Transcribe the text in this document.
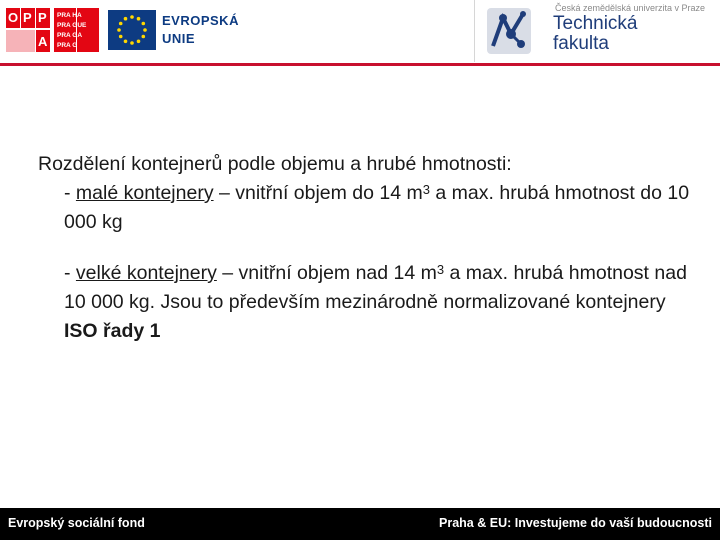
O P P
A
PRA HA
PRA GUE
PRA GA
PRA G
EVROPSKÁ
UNIE
Česká zemědělská univerzita v Praze
Technická
fakulta

Rozdělení kontejnerů podle objemu a hrubé hmotnosti:

- malé kontejnery – vnitřní objem do 14 $m^3$ a max. hrubá hmotnost do 10 000 kg

- velké kontejnery – vnitřní objem nad 14 $m^3$ a max. hrubá hmotnost nad 10 000 kg. Jsou to především mezinárodně normalizované kontejnery ISO řady 1

Evropský sociální fond	Praha & EU: Investujeme do vaší budoucnosti
